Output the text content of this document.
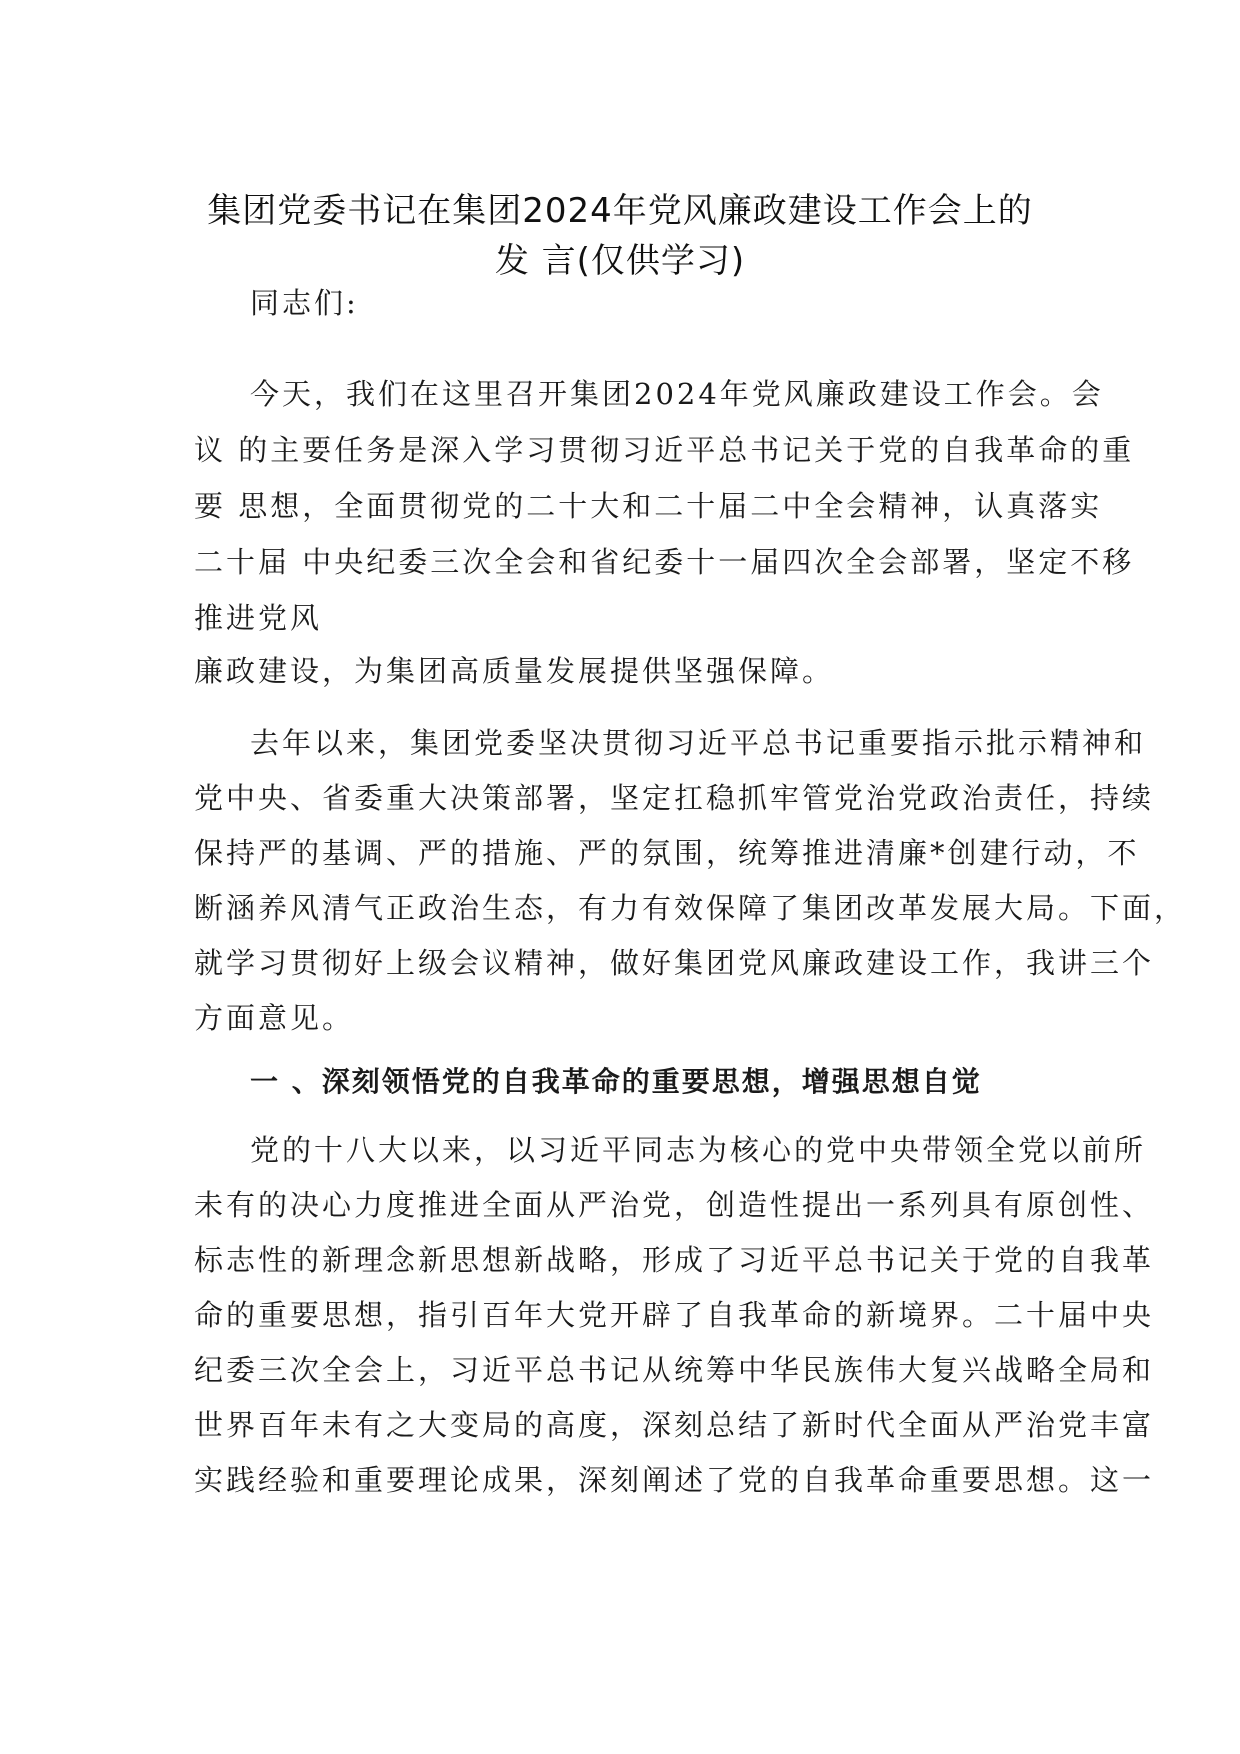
集团党委书记在集团2024年党风廉政建设工作会上的
发 言(仅供学习)
同志们:
今天，我们在这里召开集团2024年党风廉政建设工作会。会
议 的主要任务是深入学习贯彻习近平总书记关于党的自我革命的重
要 思想，全面贯彻党的二十大和二十届二中全会精神，认真落实
二十届 中央纪委三次全会和省纪委十一届四次全会部署，坚定不移
推进党风
廉政建设，为集团高质量发展提供坚强保障。
去年以来，集团党委坚决贯彻习近平总书记重要指示批示精神和
党中央、省委重大决策部署，坚定扛稳抓牢管党治党政治责任，持续
保持严的基调、严的措施、严的氛围，统筹推进清廉*创建行动，不
断涵养风清气正政治生态，有力有效保障了集团改革发展大局。下面，
就学习贯彻好上级会议精神，做好集团党风廉政建设工作，我讲三个
方面意见。
一 、深刻领悟党的自我革命的重要思想，增强思想自觉
党的十八大以来，以习近平同志为核心的党中央带领全党以前所
未有的决心力度推进全面从严治党，创造性提出一系列具有原创性、
标志性的新理念新思想新战略，形成了习近平总书记关于党的自我革
命的重要思想，指引百年大党开辟了自我革命的新境界。二十届中央
纪委三次全会上，习近平总书记从统筹中华民族伟大复兴战略全局和
世界百年未有之大变局的高度，深刻总结了新时代全面从严治党丰富
实践经验和重要理论成果，深刻阐述了党的自我革命重要思想。这一
